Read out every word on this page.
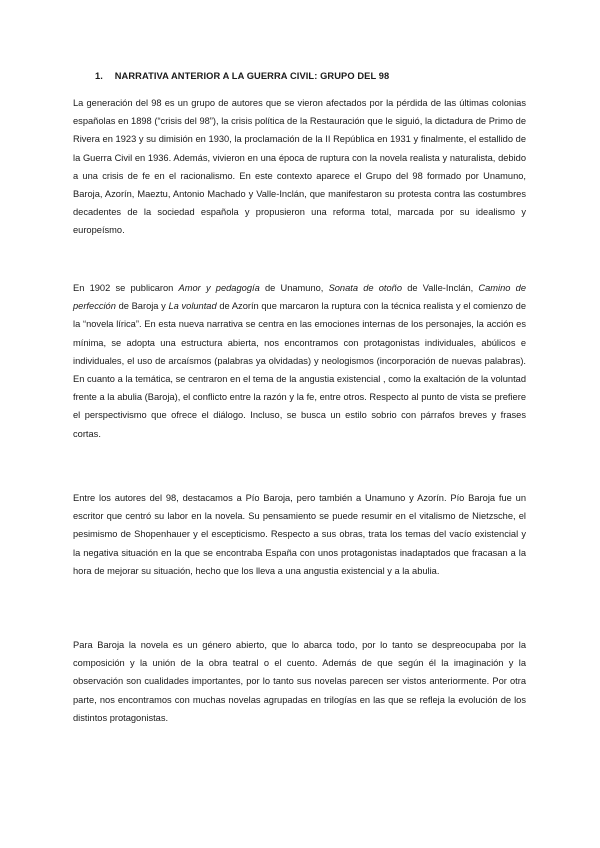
1. NARRATIVA ANTERIOR A LA GUERRA CIVIL: GRUPO DEL 98

La generación del 98 es un grupo de autores que se vieron afectados por la pérdida de las últimas colonias españolas en 1898 (“crisis del 98”), la crisis política de la Restauración que le siguió, la dictadura de Primo de Rivera en 1923 y su dimisión en 1930, la proclamación de la II República en 1931 y finalmente, el estallido de la Guerra Civil en 1936. Además, vivieron en una época de ruptura con la novela realista y naturalista, debido a una crisis de fe en el racionalismo. En este contexto aparece el Grupo del 98 formado por Unamuno, Baroja, Azorín, Maeztu, Antonio Machado y Valle-Inclán, que manifestaron su protesta contra las costumbres decadentes de la sociedad española y propusieron una reforma total, marcada por su idealismo y europeísmo.

En 1902 se publicaron Amor y pedagogía de Unamuno, Sonata de otoño de Valle-Inclán, Camino de perfección de Baroja y La voluntad de Azorín que marcaron la ruptura con la técnica realista y el comienzo de la “novela lírica”. En esta nueva narrativa se centra en las emociones internas de los personajes, la acción es mínima, se adopta una estructura abierta, nos encontramos con protagonistas individuales, abúlicos e individuales, el uso de arcaísmos (palabras ya olvidadas) y neologismos (incorporación de nuevas palabras). En cuanto a la temática, se centraron en el tema de la angustia existencial , como la exaltación de la voluntad frente a la abulia (Baroja), el conflicto entre la razón y la fe, entre otros. Respecto al punto de vista se prefiere el perspectivismo que ofrece el diálogo. Incluso, se busca un estilo sobrio con párrafos breves y frases cortas.

Entre los autores del 98, destacamos a Pío Baroja, pero también a Unamuno y Azorín. Pío Baroja fue un escritor que centró su labor en la novela. Su pensamiento se puede resumir en el vitalismo de Nietzsche, el pesimismo de Shopenhauer y el escepticismo. Respecto a sus obras, trata los temas del vacío existencial y la negativa situación en la que se encontraba España con unos protagonistas inadaptados que fracasan a la hora de mejorar su situación, hecho que los lleva a una angustia existencial y a la abulia.

Para Baroja la novela es un género abierto, que lo abarca todo, por lo tanto se despreocupaba por la composición y la unión de la obra teatral o el cuento. Además de que según él la imaginación y la observación son cualidades importantes, por lo tanto sus novelas parecen ser vistos anteriormente. Por otra parte, nos encontramos con muchas novelas agrupadas en trilogías en las que se refleja la evolución de los distintos protagonistas.
